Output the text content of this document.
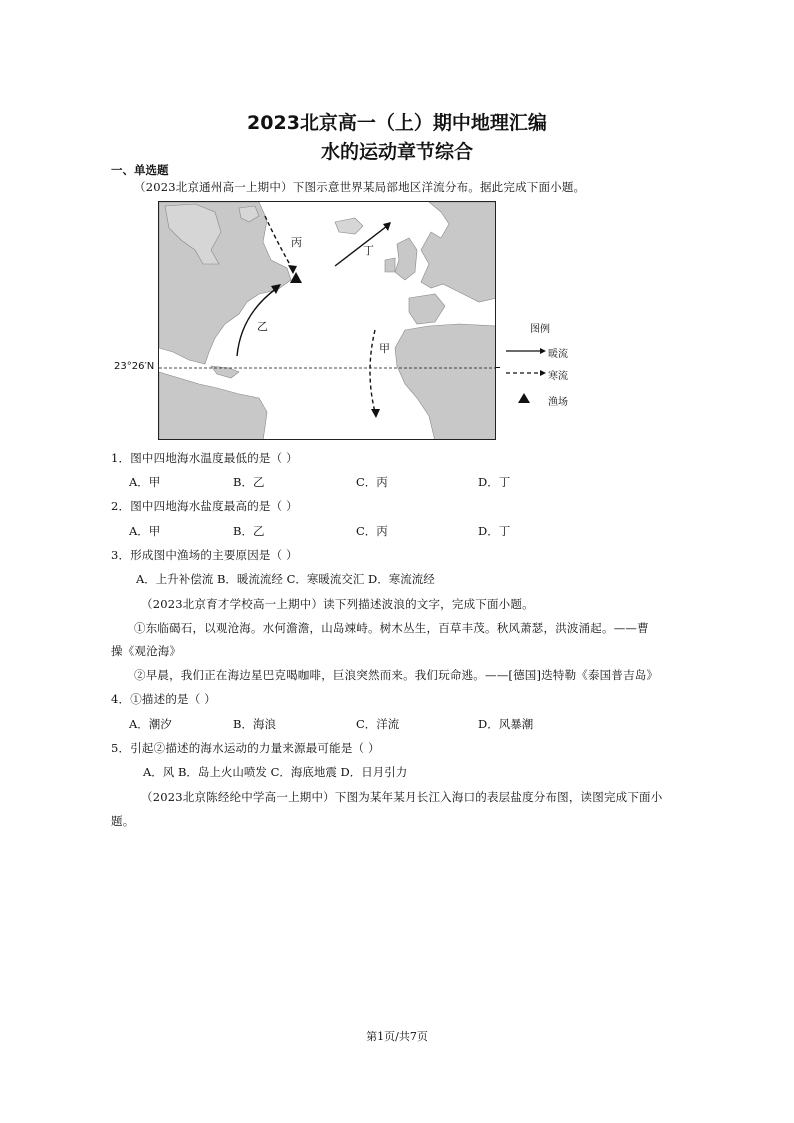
2023北京高一（上）期中地理汇编
水的运动章节综合
一、单选题
（2023北京通州高一上期中）下图示意世界某局部地区洋流分布。据此完成下面小题。
丙
丁
乙
甲
23°26′N
图例
暖流
寒流
渔场
1．图中四地海水温度最低的是（ ）
A．甲	B．乙	C．丙	D．丁
2．图中四地海水盐度最高的是（ ）
A．甲	B．乙	C．丙	D．丁
3．形成图中渔场的主要原因是（ ）
A．上升补偿流 B．暖流流经 C．寒暖流交汇 D．寒流流经
（2023北京育才学校高一上期中）读下列描述波浪的文字，完成下面小题。
①东临碣石，以观沧海。水何澹澹，山岛竦峙。树木丛生，百草丰茂。秋风萧瑟，洪波涌起。——曹
操《观沧海》
②早晨，我们正在海边星巴克喝咖啡，巨浪突然而来。我们玩命逃。——[德国]迭特勒《泰国普吉岛》
4．①描述的是（ ）
A．潮汐	B．海浪	C．洋流	D．风暴潮
5．引起②描述的海水运动的力量来源最可能是（ ）
A．风 B．岛上火山喷发 C．海底地震 D．日月引力
（2023北京陈经纶中学高一上期中）下图为某年某月长江入海口的表层盐度分布图，读图完成下面小
题。
第1页/共7页
